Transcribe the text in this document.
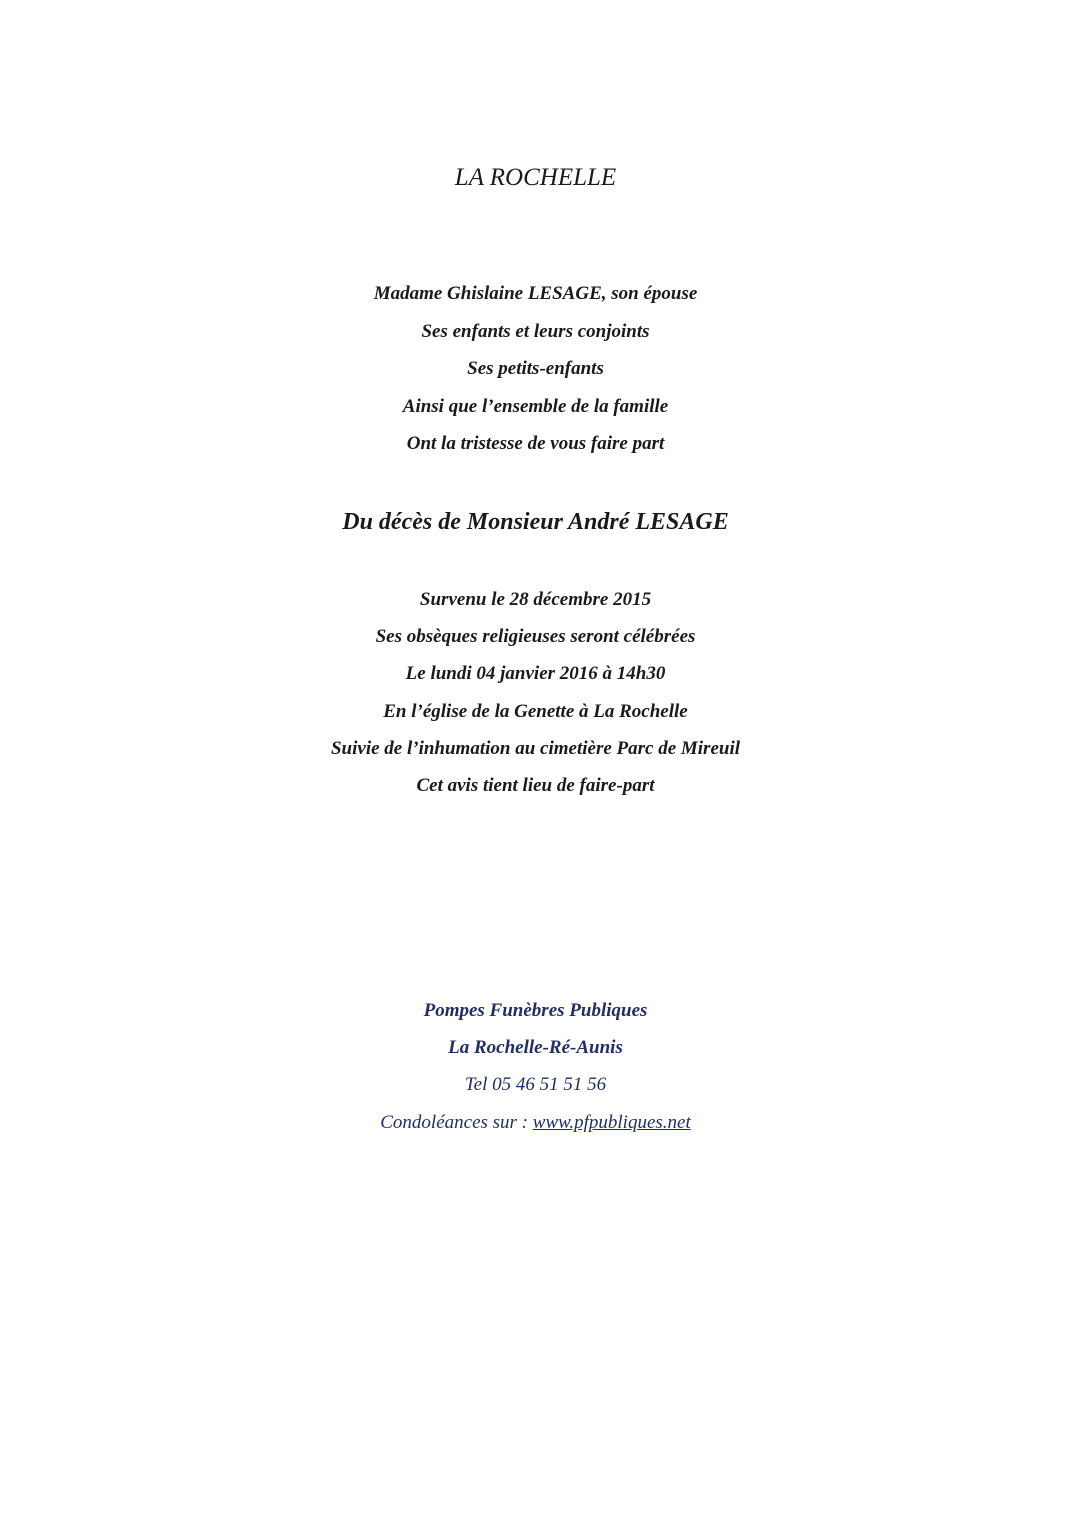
LA ROCHELLE
Madame Ghislaine LESAGE, son épouse
Ses enfants et leurs conjoints
Ses petits-enfants
Ainsi que l’ensemble de la famille
Ont la tristesse de vous faire part
Du décès de Monsieur André LESAGE
Survenu le 28 décembre 2015
Ses obsèques religieuses seront célébrées
Le lundi 04 janvier 2016 à 14h30
En l’église de la Genette à La Rochelle
Suivie de l’inhumation au cimetière Parc de Mireuil
Cet avis tient lieu de faire-part
Pompes Funèbres Publiques
La Rochelle-Ré-Aunis
Tel 05 46 51 51 56
Condoléances sur : www.pfpubliques.net
